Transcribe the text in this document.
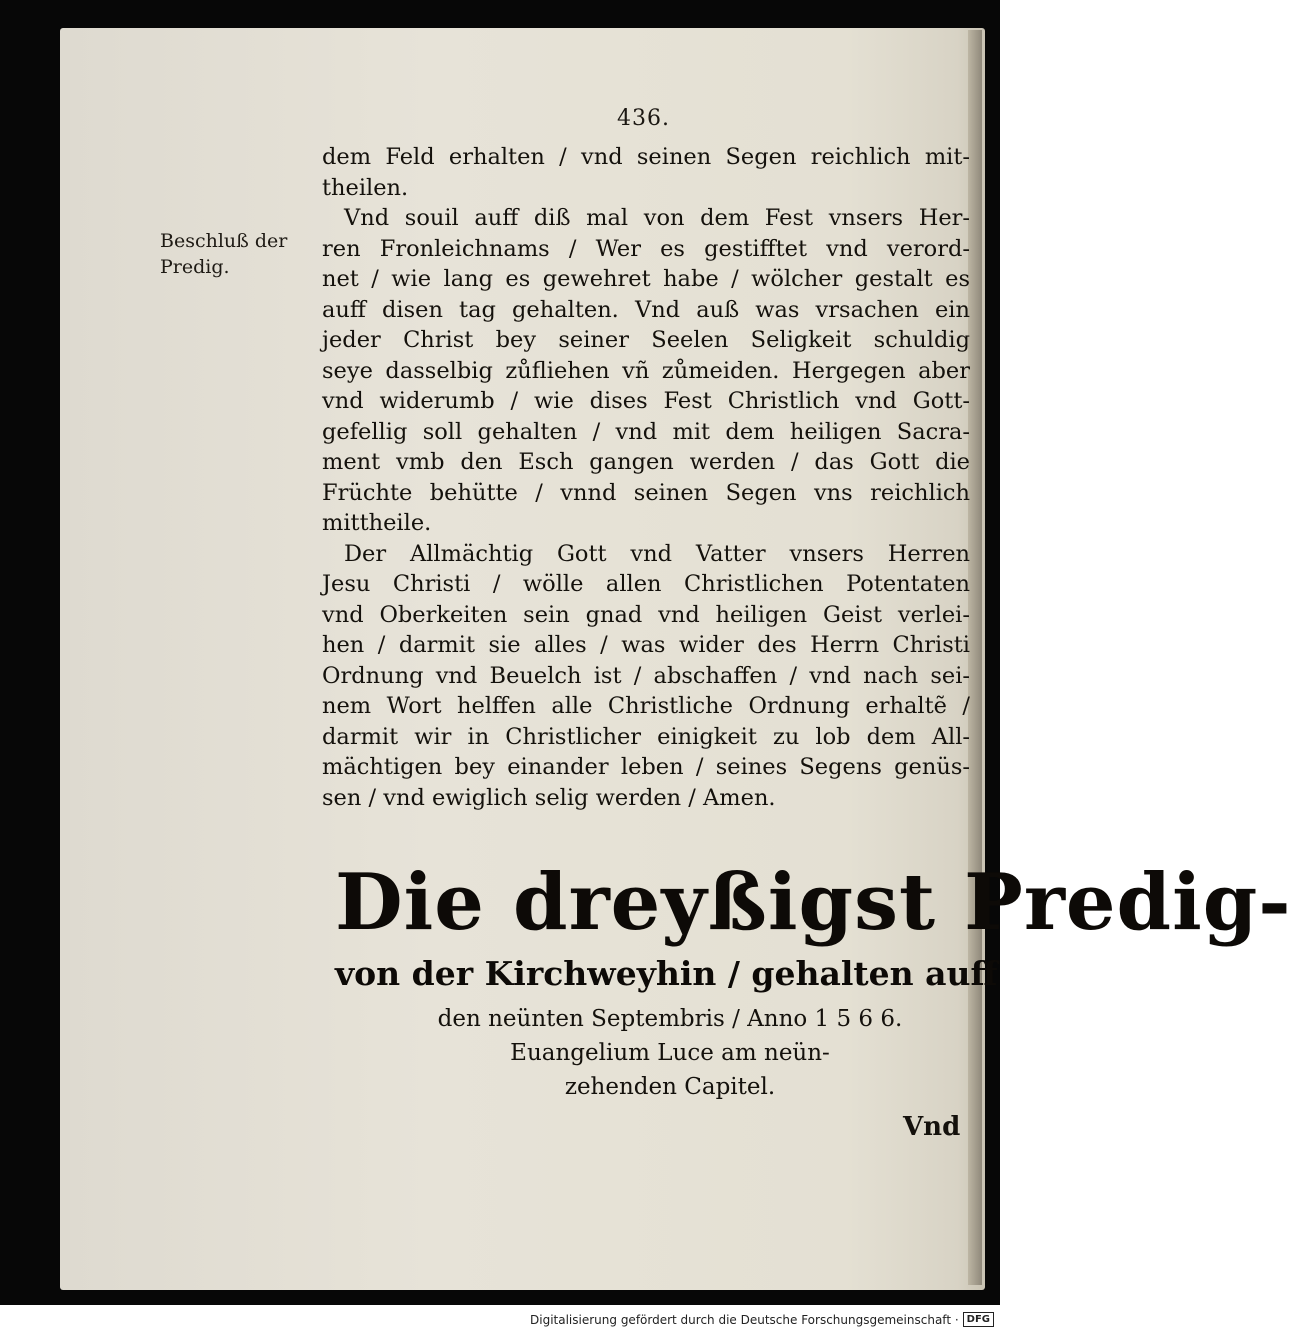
436.
Beschluß der Predig.
dem Feld erhalten / vnd seinen Segen reichlich mit-
theilen.
Vnd souil auff diß mal von dem Fest vnsers Her-
ren Fronleichnams / Wer es gestifftet vnd verord-
net / wie lang es gewehret habe / wölcher gestalt es
auff disen tag gehalten. Vnd auß was vrsachen ein
jeder Christ bey seiner Seelen Seligkeit schuldig
seye dasselbig zůfliehen vñ zůmeiden. Hergegen aber
vnd widerumb / wie dises Fest Christlich vnd Gott-
gefellig soll gehalten / vnd mit dem heiligen Sacra-
ment vmb den Esch gangen werden / das Gott die
Früchte behütte / vnnd seinen Segen vns reichlich
mittheile.
Der Allmächtig Gott vnd Vatter vnsers Herren
Jesu Christi / wölle allen Christlichen Potentaten
vnd Oberkeiten sein gnad vnd heiligen Geist verlei-
hen / darmit sie alles / was wider des Herrn Christi
Ordnung vnd Beuelch ist / abschaffen / vnd nach sei-
nem Wort helffen alle Christliche Ordnung erhaltẽ /
darmit wir in Christlicher einigkeit zu lob dem All-
mächtigen bey einander leben / seines Segens genüs-
sen / vnd ewiglich selig werden / Amen.
Die dreyßigst Predig-
von der Kirchweyhin / gehalten auff
den neünten Septembris / Anno 1 5 6 6.
Euangelium Luce am neün-
zehenden Capitel.
Vnd
Digitalisierung gefördert durch die Deutsche Forschungsgemeinschaft · DFG
